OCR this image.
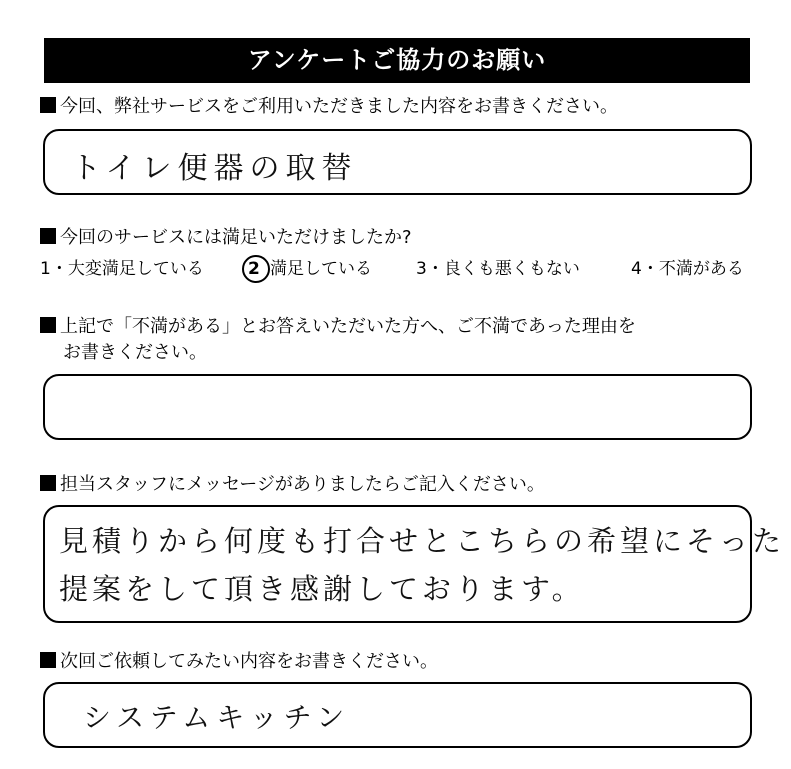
アンケートご協力のお願い
今回、弊社サービスをご利用いただきました内容をお書きください。
トイレ便器の取替
今回のサービスには満足いただけましたか?
1・大変満足している	2 満足している	3・良くも悪くもない	4・不満がある
上記で「不満がある」とお答えいただいた方へ、ご不満であった理由を
お書きください。
担当スタッフにメッセージがありましたらご記入ください。
見積りから何度も打合せとこちらの希望にそった
提案をして頂き感謝しております。
次回ご依頼してみたい内容をお書きください。
システムキッチン
